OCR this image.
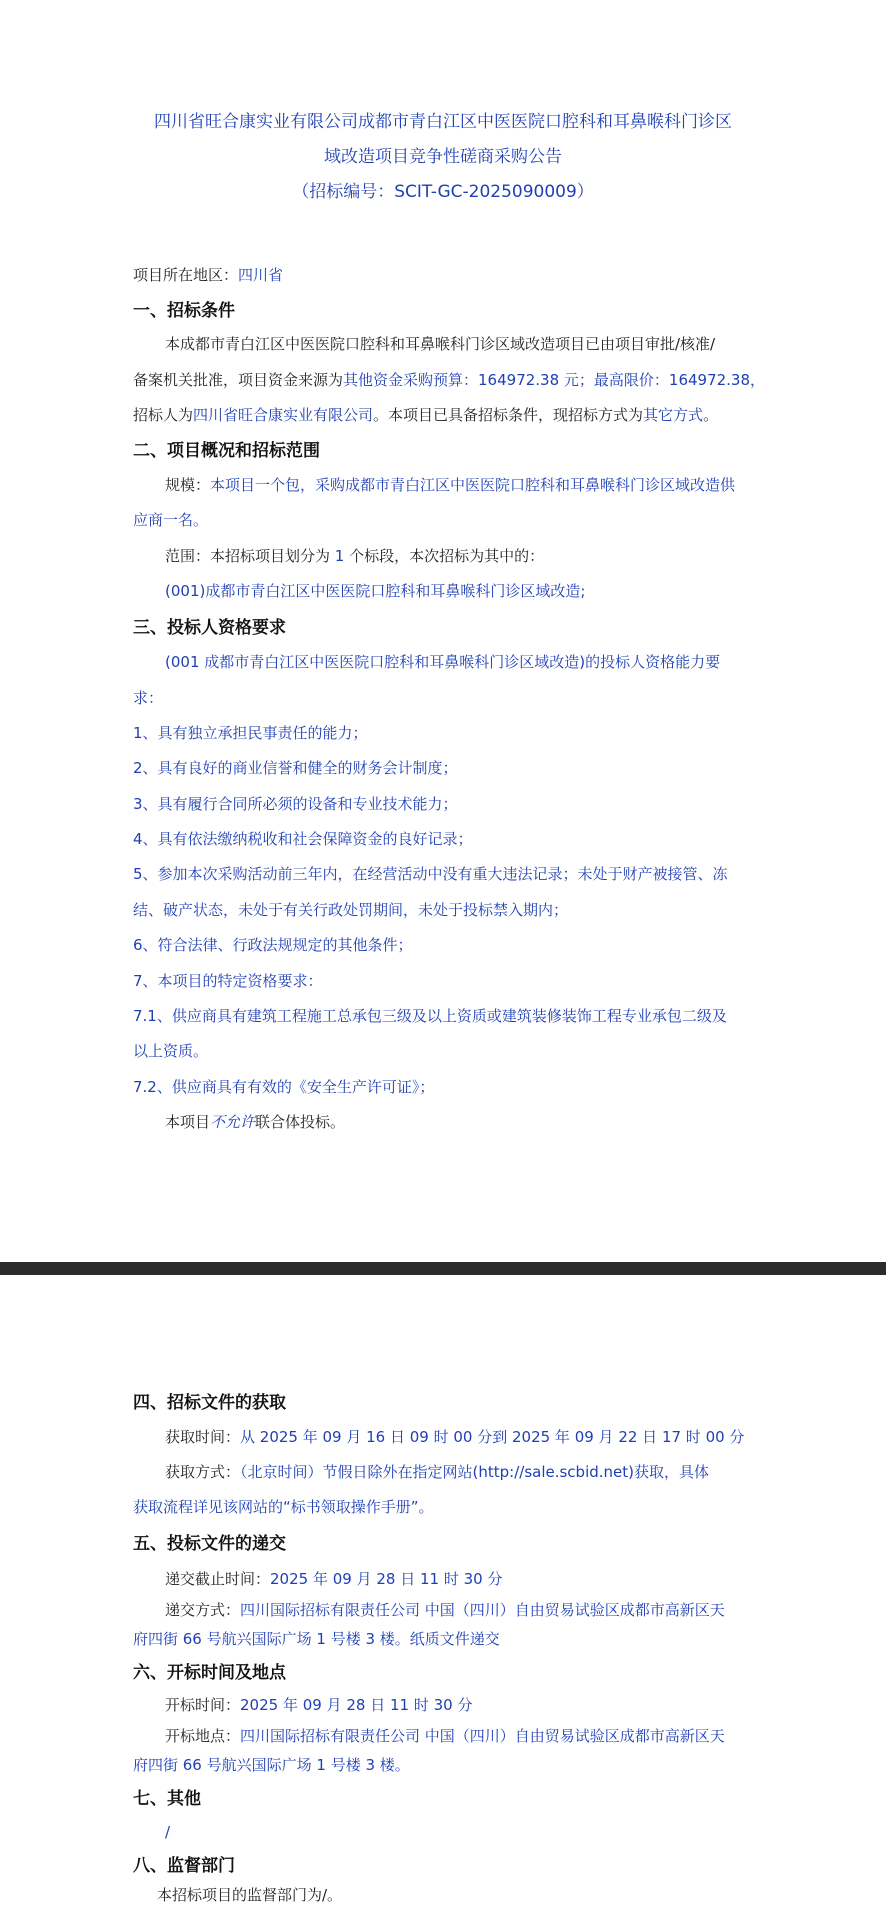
四川省旺合康实业有限公司成都市青白江区中医医院口腔科和耳鼻喉科门诊区
域改造项目竞争性磋商采购公告
（招标编号：SCIT-GC-2025090009）
项目所在地区：四川省
一、招标条件
本成都市青白江区中医医院口腔科和耳鼻喉科门诊区域改造项目已由项目审批/核准/
备案机关批准，项目资金来源为其他资金采购预算：164972.38 元；最高限价：164972.38，
招标人为四川省旺合康实业有限公司。本项目已具备招标条件，现招标方式为其它方式。
二、项目概况和招标范围
规模：本项目一个包，采购成都市青白江区中医医院口腔科和耳鼻喉科门诊区域改造供
应商一名。
范围：本招标项目划分为 1 个标段，本次招标为其中的：
(001)成都市青白江区中医医院口腔科和耳鼻喉科门诊区域改造;
三、投标人资格要求
(001 成都市青白江区中医医院口腔科和耳鼻喉科门诊区域改造)的投标人资格能力要
求：
1、具有独立承担民事责任的能力；
2、具有良好的商业信誉和健全的财务会计制度；
3、具有履行合同所必须的设备和专业技术能力；
4、具有依法缴纳税收和社会保障资金的良好记录；
5、参加本次采购活动前三年内，在经营活动中没有重大违法记录；未处于财产被接管、冻
结、破产状态，未处于有关行政处罚期间，未处于投标禁入期内；
6、符合法律、行政法规规定的其他条件；
7、本项目的特定资格要求：
7.1、供应商具有建筑工程施工总承包三级及以上资质或建筑装修装饰工程专业承包二级及
以上资质。
7.2、供应商具有有效的《安全生产许可证》；
本项目不允许联合体投标。
四、招标文件的获取
获取时间：从 2025 年 09 月 16 日 09 时 00 分到 2025 年 09 月 22 日 17 时 00 分
获取方式：（北京时间）节假日除外在指定网站(http://sale.scbid.net)获取，具体
获取流程详见该网站的“标书领取操作手册”。
五、投标文件的递交
递交截止时间：2025 年 09 月 28 日 11 时 30 分
递交方式：四川国际招标有限责任公司 中国（四川）自由贸易试验区成都市高新区天
府四街 66 号航兴国际广场 1 号楼 3 楼。纸质文件递交
六、开标时间及地点
开标时间：2025 年 09 月 28 日 11 时 30 分
开标地点：四川国际招标有限责任公司 中国（四川）自由贸易试验区成都市高新区天
府四街 66 号航兴国际广场 1 号楼 3 楼。
七、其他
/
八、监督部门
本招标项目的监督部门为/。
